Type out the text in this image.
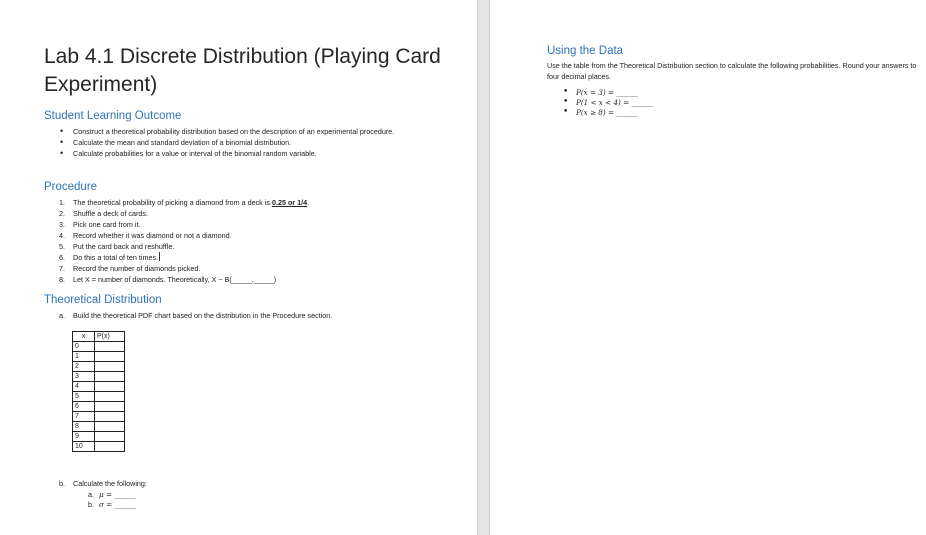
Lab 4.1 Discrete Distribution (Playing Card Experiment)
Student Learning Outcome
• Construct a theoretical probability distribution based on the description of an experimental procedure.
• Calculate the mean and standard deviation of a binomial distribution.
• Calculate probabilities for a value or interval of the binomial random variable.
Procedure
1. The theoretical probability of picking a diamond from a deck is 0.25 or 1/4.
2. Shuffle a deck of cards.
3. Pick one card from it.
4. Record whether it was diamond or not a diamond.
5. Put the card back and reshuffle.
6. Do this a total of ten times.
7. Record the number of diamonds picked.
8. Let X = number of diamonds. Theoretically, X ~ B(_____,_____)
Theoretical Distribution
a. Build the theoretical PDF chart based on the distribution in the Procedure section.
x	P(x)
0	
1	
2	
3	
4	
5	
6	
7	
8	
9	
10	
b. Calculate the following:
a. μ = ______
b. σ = ______
Using the Data
Use the table from the Theoretical Distribution section to calculate the following probabilities. Round your answers to four decimal places.
• P(x = 3) = ______
• P(1 < x < 4) = ______
• P(x ≥ 8) = ______
